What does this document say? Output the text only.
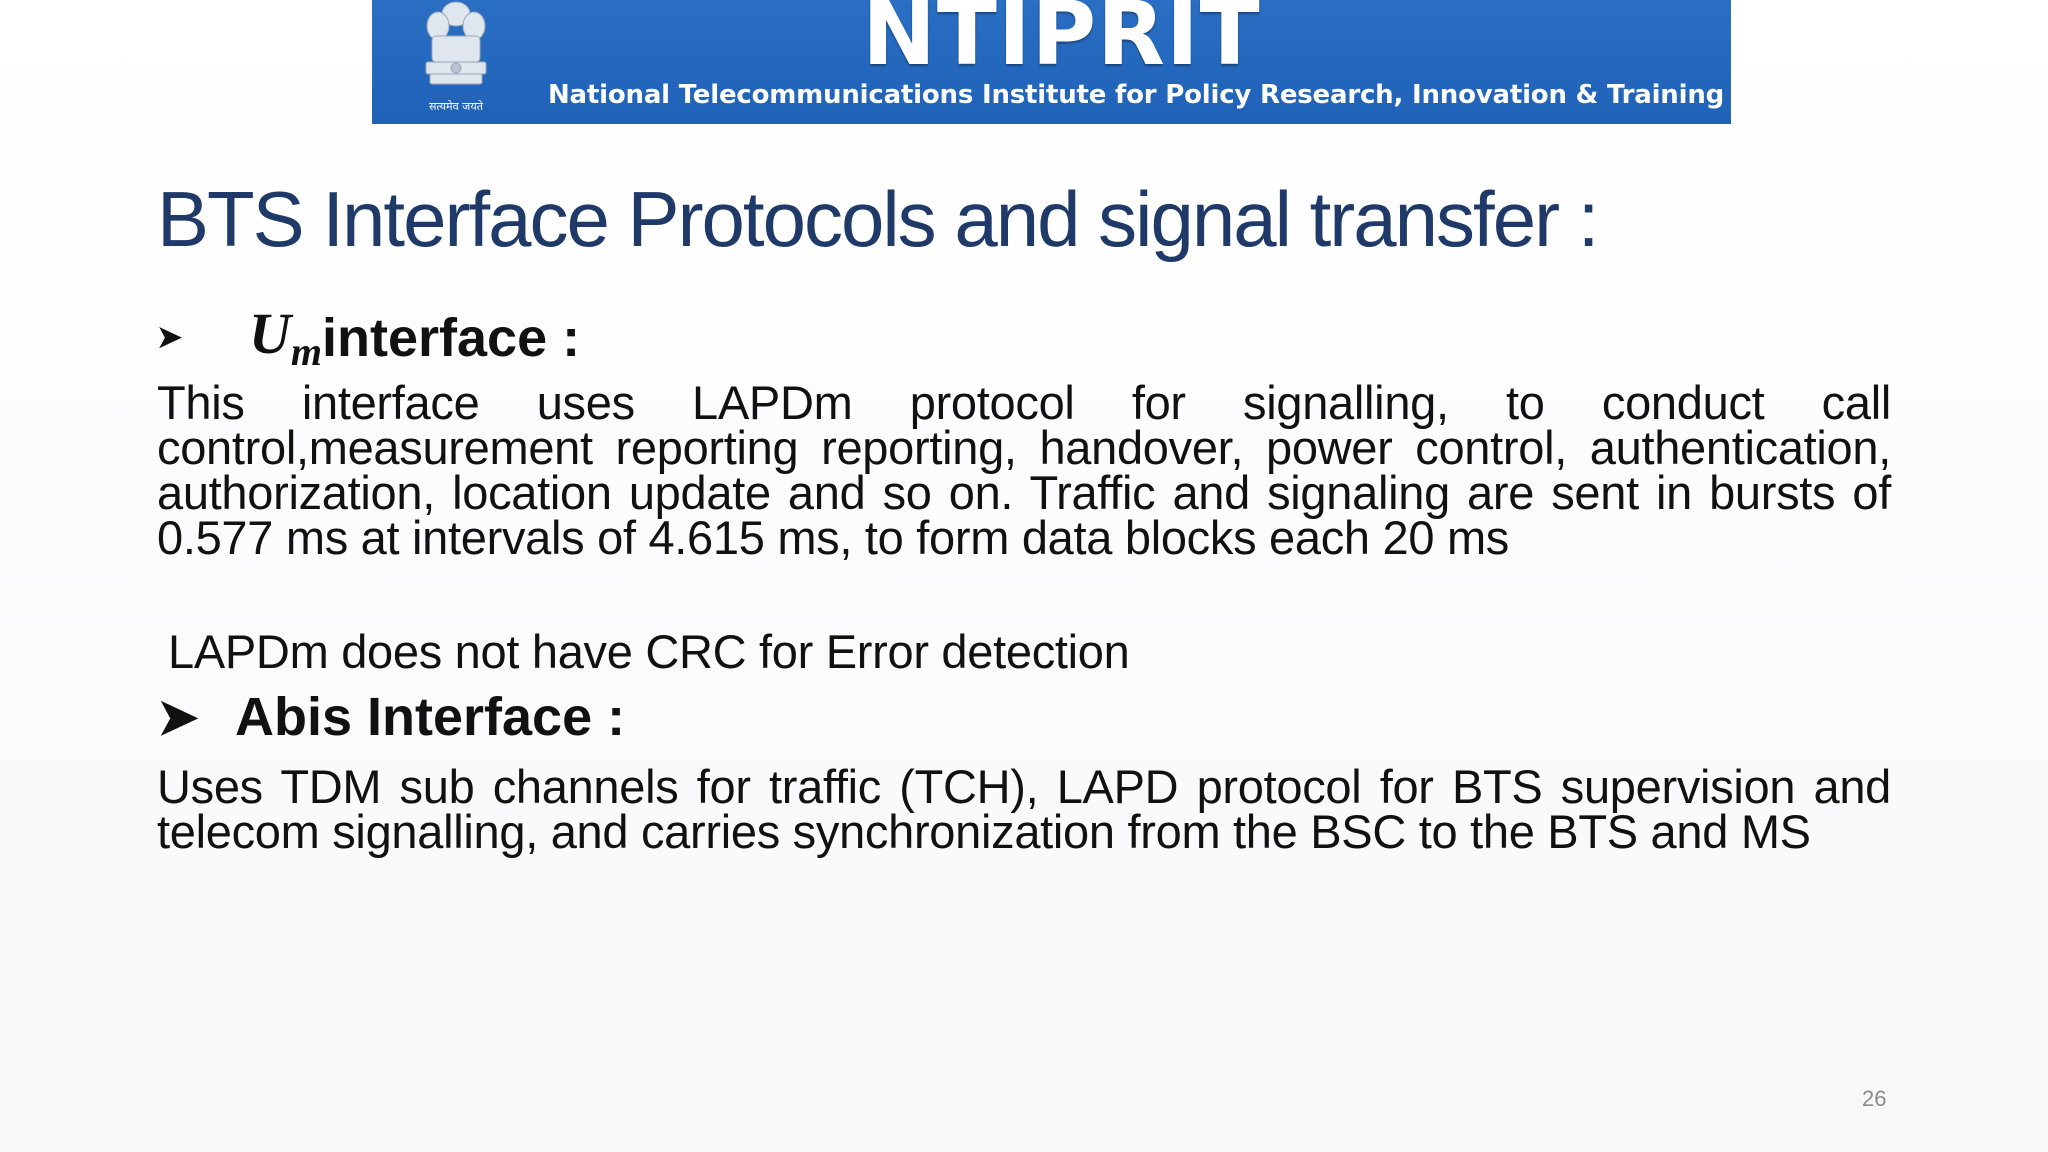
सत्यमेव जयते
NTIPRIT
National Telecommunications Institute for Policy Research, Innovation & Training
BTS Interface Protocols and signal transfer :
➤	$U_m$ interface :
This interface uses LAPDm protocol for signalling, to conduct call control,measurement reporting reporting, handover, power control, authentication, authorization, location update and so on. Traffic and signaling are sent in bursts of 0.577 ms at intervals of 4.615 ms, to form data blocks each 20 ms
LAPDm does not have CRC for Error detection
➤ Abis Interface :
Uses TDM sub channels for traffic (TCH), LAPD protocol for BTS supervision and telecom signalling, and carries synchronization from the BSC to the BTS and MS
26
